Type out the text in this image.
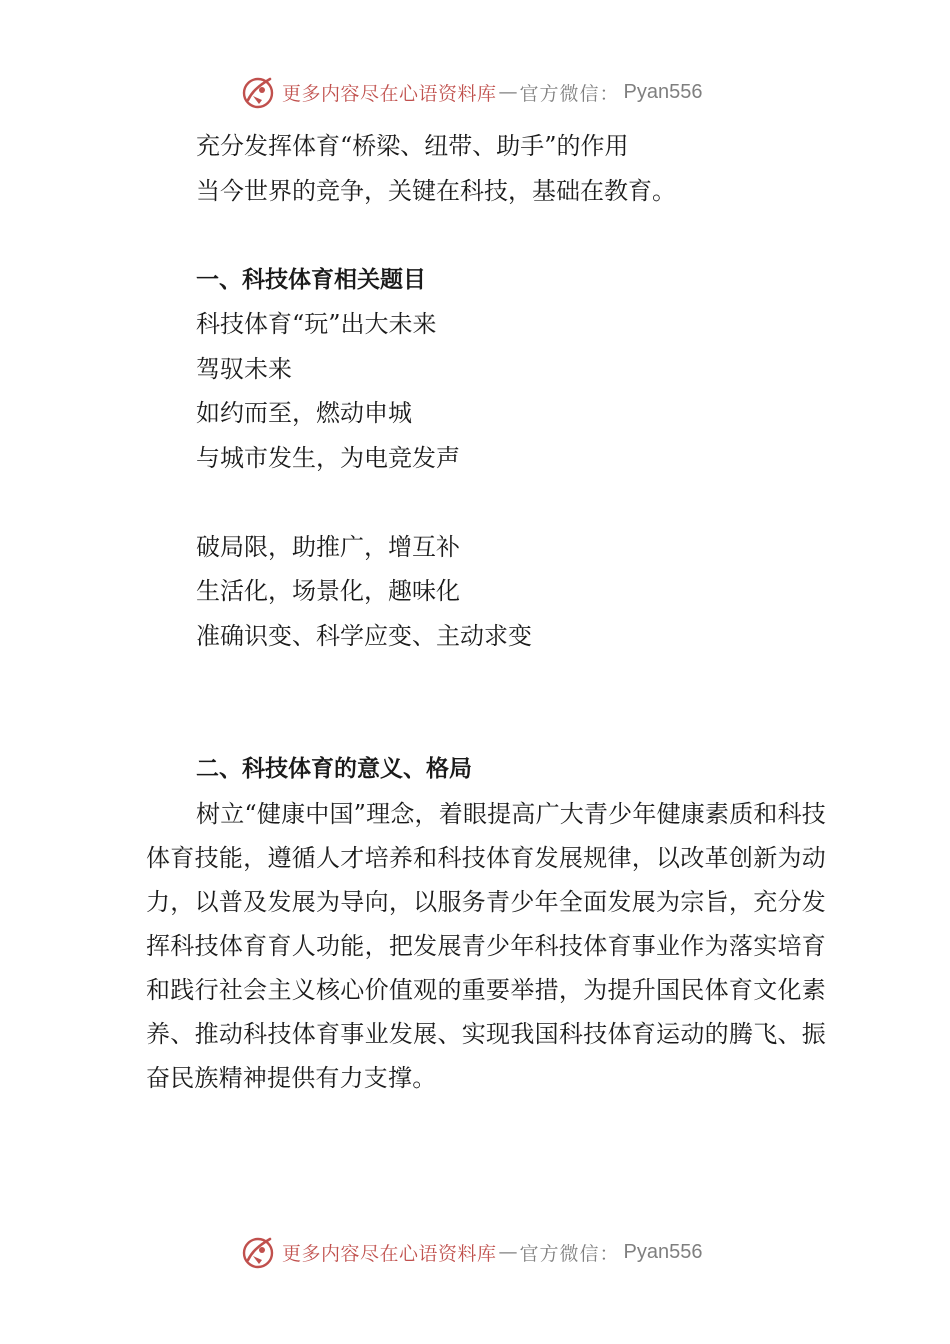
更多内容尽在心语资料库 — 官方微信： Pyan556

充分发挥体育“桥梁、纽带、助手”的作用

当今世界的竞争，关键在科技，基础在教育。

一、科技体育相关题目

科技体育“玩”出大未来

驾驭未来

如约而至，燃动申城

与城市发生，为电竞发声

破局限，助推广，增互补

生活化，场景化，趣味化

准确识变、科学应变、主动求变

二、科技体育的意义、格局

树立“健康中国”理念，着眼提高广大青少年健康素质和科技体育技能，遵循人才培养和科技体育发展规律，以改革创新为动力，以普及发展为导向，以服务青少年全面发展为宗旨，充分发挥科技体育育人功能，把发展青少年科技体育事业作为落实培育和践行社会主义核心价值观的重要举措，为提升国民体育文化素养、推动科技体育事业发展、实现我国科技体育运动的腾飞、振奋民族精神提供有力支撑。

更多内容尽在心语资料库 — 官方微信： Pyan556
